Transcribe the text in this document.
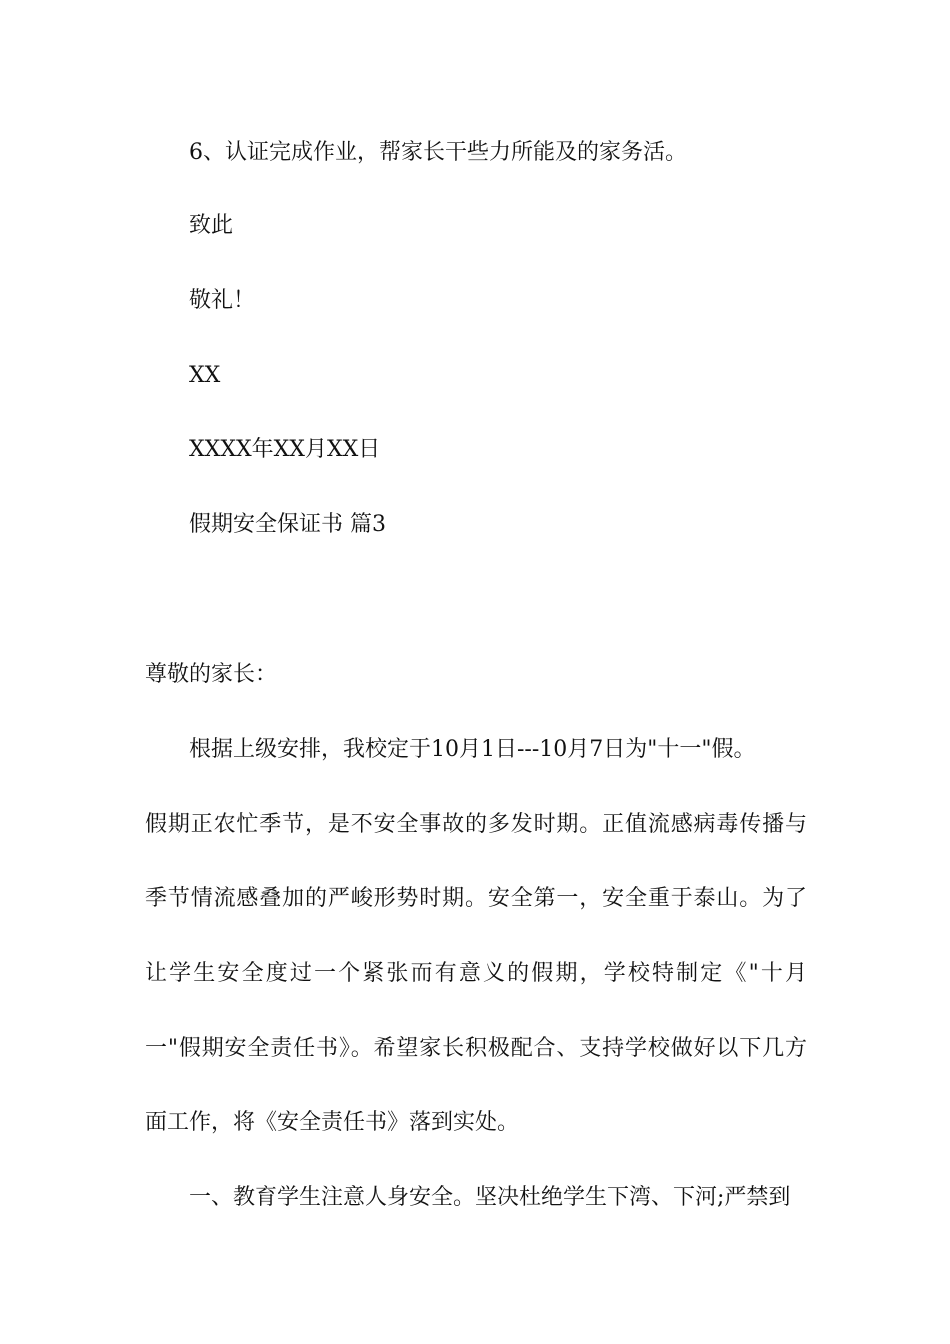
6、认证完成作业，帮家长干些力所能及的家务活。
致此
敬礼！
XX
XXXX年XX月XX日
假期安全保证书 篇3
尊敬的家长：
根据上级安排，我校定于10月1日---10月7日为"十一"假。
假期正农忙季节，是不安全事故的多发时期。正值流感病毒传播与
季节情流感叠加的严峻形势时期。安全第一，安全重于泰山。为了
让学生安全度过一个紧张而有意义的假期，学校特制定《"十月
一"假期安全责任书》。希望家长积极配合、支持学校做好以下几方
面工作，将《安全责任书》落到实处。
一、教育学生注意人身安全。坚决杜绝学生下湾、下河;严禁到
